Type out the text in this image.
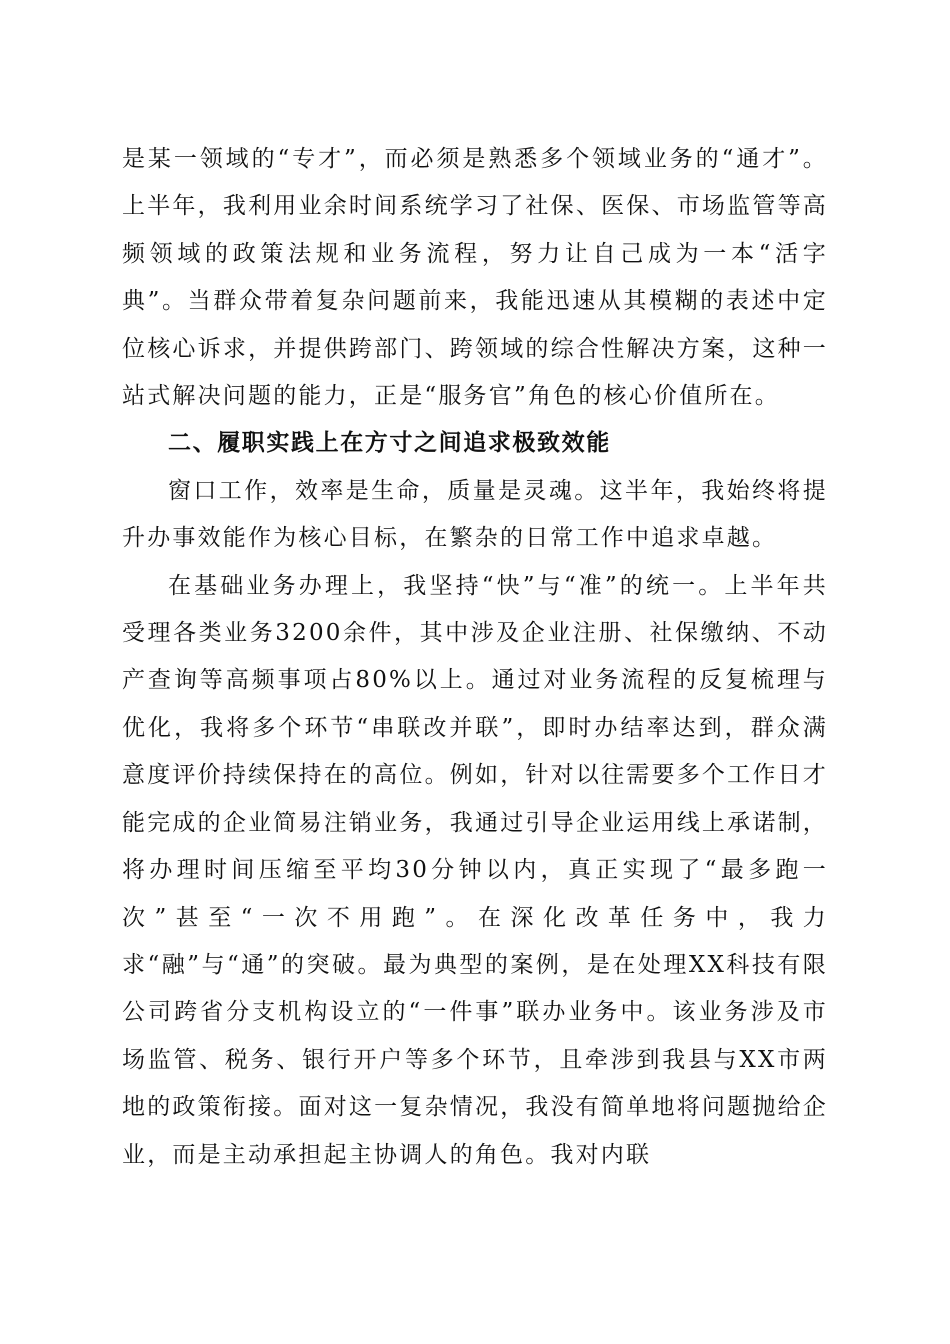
是某一领域的“专才”，而必须是熟悉多个领域业务的“通才”。上半年，我利用业余时间系统学习了社保、医保、市场监管等高频领域的政策法规和业务流程，努力让自己成为一本“活字典”。当群众带着复杂问题前来，我能迅速从其模糊的表述中定位核心诉求，并提供跨部门、跨领域的综合性解决方案，这种一站式解决问题的能力，正是“服务官”角色的核心价值所在。

二、履职实践上在方寸之间追求极致效能

窗口工作，效率是生命，质量是灵魂。这半年，我始终将提升办事效能作为核心目标，在繁杂的日常工作中追求卓越。

在基础业务办理上，我坚持“快”与“准”的统一。上半年共受理各类业务3200余件，其中涉及企业注册、社保缴纳、不动产查询等高频事项占80%以上。通过对业务流程的反复梳理与优化，我将多个环节“串联改并联”，即时办结率达到，群众满意度评价持续保持在的高位。例如，针对以往需要多个工作日才能完成的企业简易注销业务，我通过引导企业运用线上承诺制，将办理时间压缩至平均30分钟以内，真正实现了“最多跑一次”甚至“一次不用跑”。在深化改革任务中，我力求“融”与“通”的突破。最为典型的案例，是在处理XX科技有限公司跨省分支机构设立的“一件事”联办业务中。该业务涉及市场监管、税务、银行开户等多个环节，且牵涉到我县与XX市两地的政策衔接。面对这一复杂情况，我没有简单地将问题抛给企业，而是主动承担起主协调人的角色。我对内联
